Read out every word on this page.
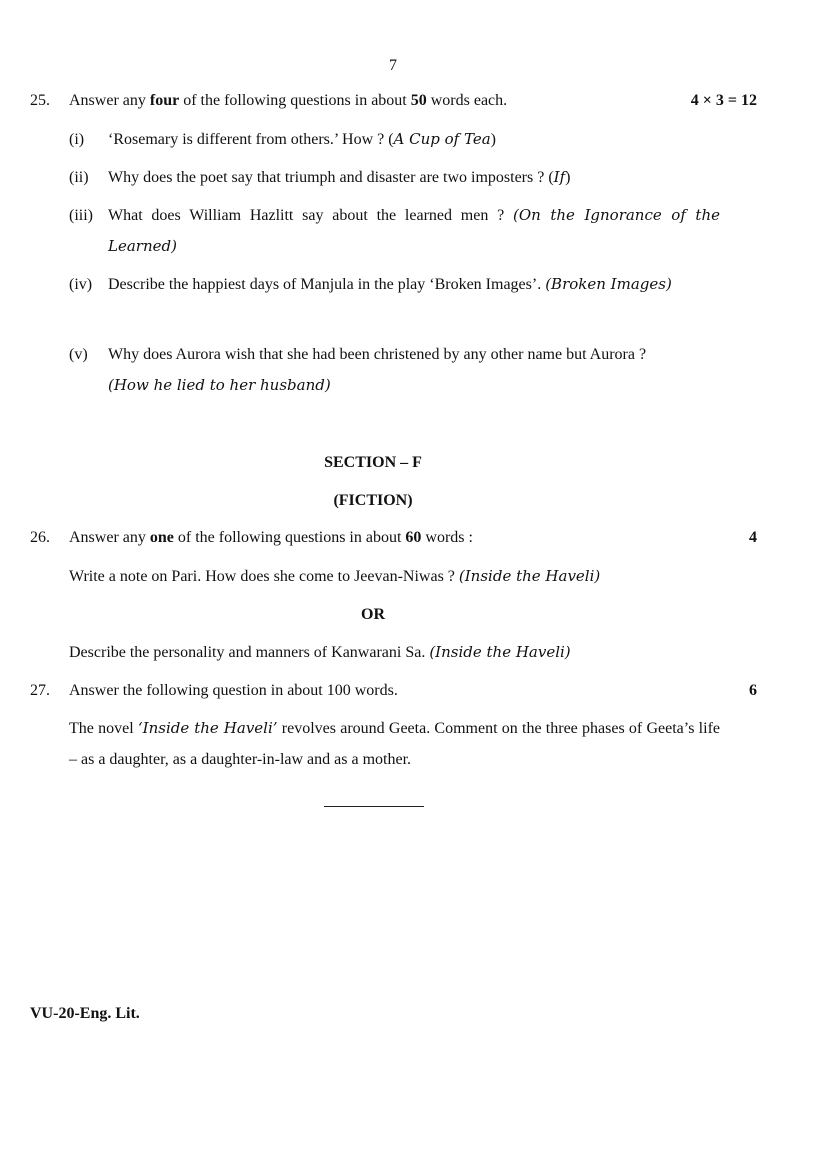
7
25. Answer any four of the following questions in about 50 words each.	4 × 3 = 12
(i) ‘Rosemary is different from others.’ How ? (A Cup of Tea)
(ii) Why does the poet say that triumph and disaster are two imposters ? (If)
(iii) What does William Hazlitt say about the learned men ? (On the Ignorance of the Learned)
(iv) Describe the happiest days of Manjula in the play ‘Broken Images’. (Broken Images)
(v) Why does Aurora wish that she had been christened by any other name but Aurora ?
(How he lied to her husband)
SECTION – F
(FICTION)
26. Answer any one of the following questions in about 60 words :	4
Write a note on Pari. How does she come to Jeevan-Niwas ? (Inside the Haveli)
OR
Describe the personality and manners of Kanwarani Sa. (Inside the Haveli)
27. Answer the following question in about 100 words.	6
The novel ‘Inside the Haveli’ revolves around Geeta. Comment on the three phases of Geeta’s life – as a daughter, as a daughter-in-law and as a mother.
VU-20-Eng. Lit.
